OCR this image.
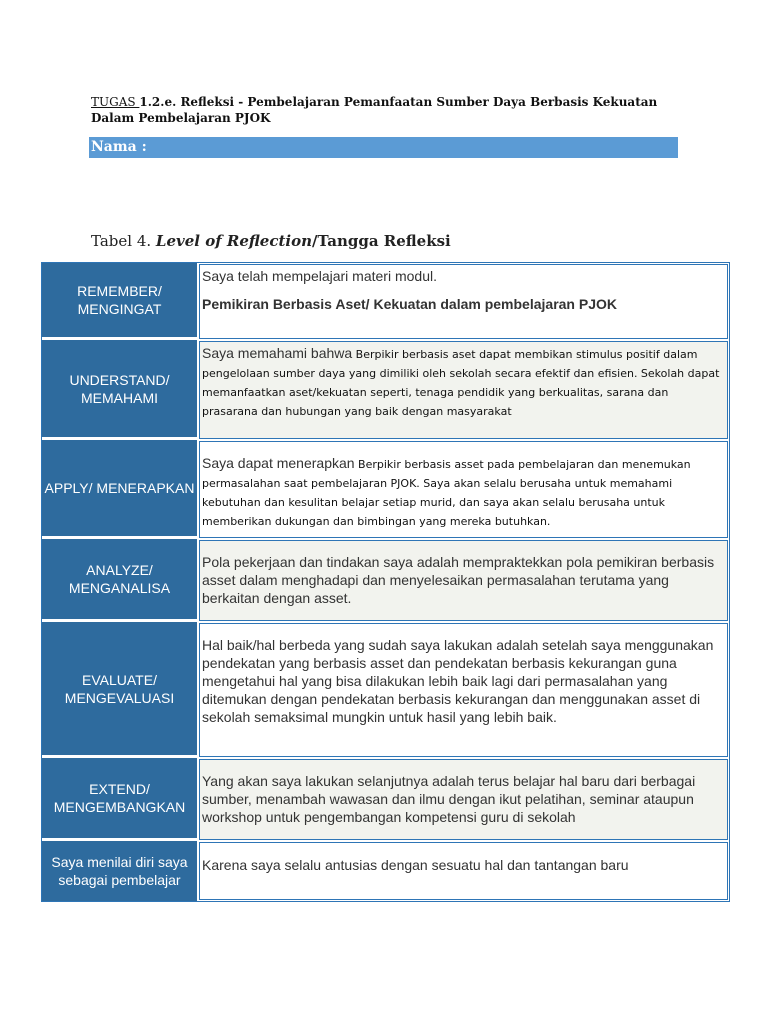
TUGAS 1.2.e. Refleksi - Pembelajaran Pemanfaatan Sumber Daya Berbasis Kekuatan Dalam Pembelajaran PJOK
Nama :
Tabel 4. Level of Reflection/Tangga Refleksi
REMEMBER/ MENGINGAT
Saya telah mempelajari materi modul.
Pemikiran Berbasis Aset/ Kekuatan dalam pembelajaran PJOK
UNDERSTAND/ MEMAHAMI
Saya memahami bahwa Berpikir berbasis aset dapat membikan stimulus positif dalam pengelolaan sumber daya yang dimiliki oleh sekolah secara efektif dan efisien. Sekolah dapat memanfaatkan aset/kekuatan seperti, tenaga pendidik yang berkualitas, sarana dan prasarana dan hubungan yang baik dengan masyarakat
APPLY/ MENERAPKAN
Saya dapat menerapkan Berpikir berbasis asset pada pembelajaran dan menemukan permasalahan saat pembelajaran PJOK. Saya akan selalu berusaha untuk memahami kebutuhan dan kesulitan belajar setiap murid, dan saya akan selalu berusaha untuk memberikan dukungan dan bimbingan yang mereka butuhkan.
ANALYZE/ MENGANALISA
Pola pekerjaan dan tindakan saya adalah mempraktekkan pola pemikiran berbasis asset dalam menghadapi dan menyelesaikan permasalahan terutama yang berkaitan dengan asset.
EVALUATE/ MENGEVALUASI
Hal baik/hal berbeda yang sudah saya lakukan adalah setelah saya menggunakan pendekatan yang berbasis asset dan pendekatan berbasis kekurangan guna mengetahui hal yang bisa dilakukan lebih baik lagi dari permasalahan yang ditemukan dengan pendekatan berbasis kekurangan dan menggunakan asset di sekolah semaksimal mungkin untuk hasil yang lebih baik.
EXTEND/ MENGEMBANGKAN
Yang akan saya lakukan selanjutnya adalah terus belajar hal baru dari berbagai sumber, menambah wawasan dan ilmu dengan ikut pelatihan, seminar ataupun workshop untuk pengembangan kompetensi guru di sekolah
Saya menilai diri saya sebagai pembelajar
Karena saya selalu antusias dengan sesuatu hal dan tantangan baru
